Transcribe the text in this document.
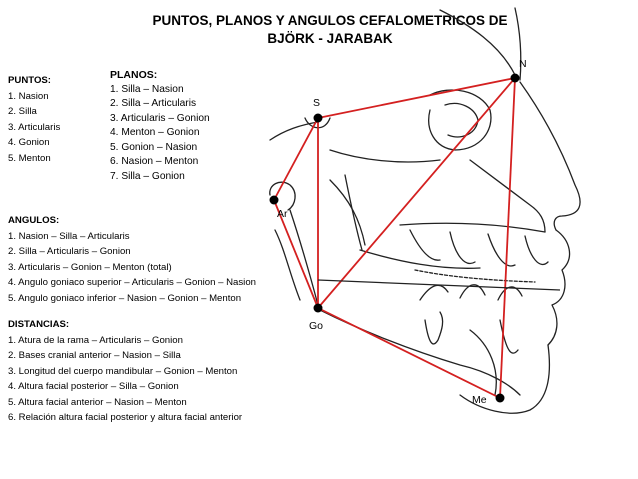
PUNTOS, PLANOS Y ANGULOS CEFALOMETRICOS DE
BJÖRK - JARABAK
PUNTOS:
1. Nasion
2. Silla
3. Articularis
4. Gonion
5. Menton
PLANOS:
1. Silla – Nasion
2. Silla – Articularis
3. Articularis – Gonion
4. Menton – Gonion
5. Gonion – Nasion
6. Nasion – Menton
7. Silla – Gonion
ANGULOS:
1. Nasion – Silla – Articularis
2. Silla – Articularis – Gonion
3. Articularis – Gonion – Menton (total)
4. Angulo goniaco superior – Articularis – Gonion – Nasion
5. Angulo goniaco inferior – Nasion – Gonion – Menton
DISTANCIAS:
1. Atura de la rama – Articularis – Gonion
2. Bases cranial anterior – Nasion – Silla
3. Longitud del cuerpo mandibular – Gonion – Menton
4. Altura facial posterior – Silla – Gonion
5. Altura facial anterior – Nasion – Menton
6. Relación altura facial posterior y altura facial anterior
N
S
Ar
Go
Me
